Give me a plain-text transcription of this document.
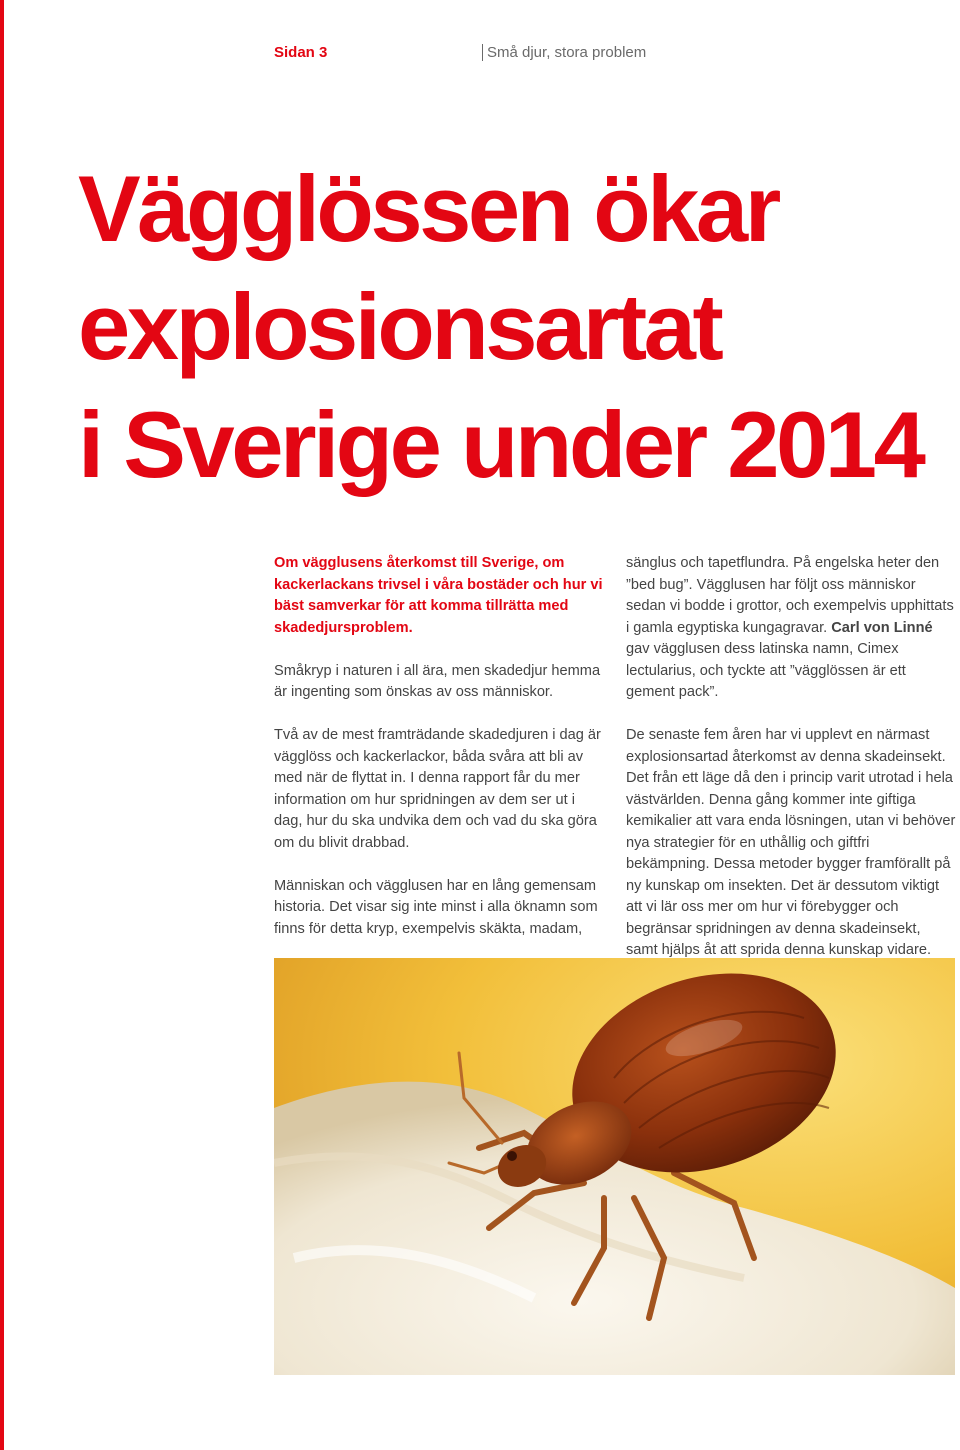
Sidan 3	Små djur, stora problem
Vägglössen ökar
explosionsartat
i Sverige under 2014

Om vägglusens återkomst till Sverige, om kackerlackans trivsel i våra bostäder och hur vi bäst samverkar för att komma tillrätta med skadedjursproblem.

Småkryp i naturen i all ära, men skadedjur hemma är ingenting som önskas av oss människor.

Två av de mest framträdande skadedjuren i dag är vägglöss och kackerlackor, båda svåra att bli av med när de flyttat in. I denna rapport får du mer information om hur spridningen av dem ser ut i dag, hur du ska undvika dem och vad du ska göra om du blivit drabbad.

Människan och vägglusen har en lång gemensam historia. Det visar sig inte minst i alla öknamn som finns för detta kryp, exempelvis skäkta, madam,

sänglus och tapetflundra. På engelska heter den ”bed bug”. Vägglusen har följt oss människor sedan vi bodde i grottor, och exempelvis upphittats i gamla egyptiska kungagravar. Carl von Linné gav vägglusen dess latinska namn, Cimex lectularius, och tyckte att ”vägglössen är ett gement pack”.

De senaste fem åren har vi upplevt en närmast explosionsartad återkomst av denna skadeinsekt. Det från ett läge då den i princip varit utrotad i hela västvärlden. Denna gång kommer inte giftiga kemikalier att vara enda lösningen, utan vi behöver nya strategier för en uthållig och giftfri bekämpning. Dessa metoder bygger framförallt på ny kunskap om insekten. Det är dessutom viktigt att vi lär oss mer om hur vi förebygger och begränsar spridningen av denna skadeinsekt, samt hjälps åt att sprida denna kunskap vidare.
